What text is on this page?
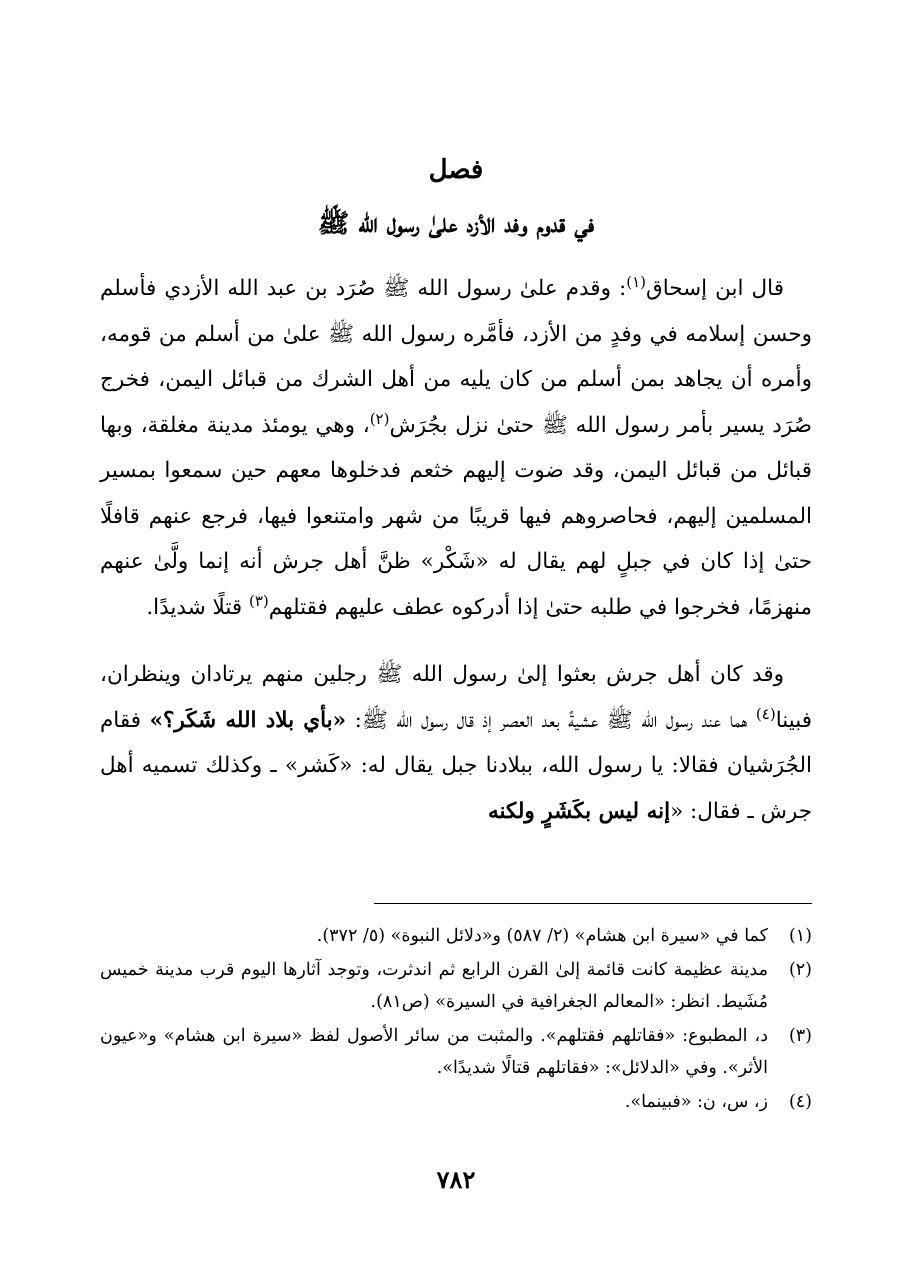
فصل
في قدوم وفد الأزد علىٰ رسول الله ﷺ

قال ابن إسحاق$^{(١)}$: وقدم علىٰ رسول الله ﷺ صُرَد بن عبد الله الأزدي فأسلم وحسن إسلامه في وفدٍ من الأزد، فأمَّره رسول الله ﷺ علىٰ من أسلم من قومه، وأمره أن يجاهد بمن أسلم من كان يليه من أهل الشرك من قبائل اليمن، فخرج صُرَد يسير بأمر رسول الله ﷺ حتىٰ نزل بجُرَش$^{(٢)}$، وهي يومئذ مدينة مغلقة، وبها قبائل من قبائل اليمن، وقد ضوت إليهم خثعم فدخلوها معهم حين سمعوا بمسير المسلمين إليهم، فحاصروهم فيها قريبًا من شهر وامتنعوا فيها، فرجع عنهم قافلًا حتىٰ إذا كان في جبلٍ لهم يقال له «شَكْر» ظنَّ أهل جرش أنه إنما ولَّىٰ عنهم منهزمًا، فخرجوا في طلبه حتىٰ إذا أدركوه عطف عليهم فقتلهم$^{(٣)}$ قتلًا شديدًا.

وقد كان أهل جرش بعثوا إلىٰ رسول الله ﷺ رجلين منهم يرتادان وينظران، فبينا$^{(٤)}$ هما عند رسول الله ﷺ عشيةً بعد العصر إذ قال رسول الله ﷺ: «بأي بلاد الله شَكَر؟» فقام الجُرَشيان فقالا: يا رسول الله، ببلادنا جبل يقال له: «كَشر» ـ وكذلك تسميه أهل جرش ـ فقال: «إنه ليس بكَشَرٍ ولكنه

(١)
كما في «سيرة ابن هشام» (٢/ ٥٨٧) و«دلائل النبوة» (٥/ ٣٧٢).
(٢)
مدينة عظيمة كانت قائمة إلىٰ القرن الرابع ثم اندثرت، وتوجد آثارها اليوم قرب مدينة خميس مُشَيط. انظر: «المعالم الجغرافية في السيرة» (ص٨١).
(٣)
د، المطبوع: «فقاتلهم فقتلهم». والمثبت من سائر الأصول لفظ «سيرة ابن هشام» و«عيون الأثر». وفي «الدلائل»: «فقاتلهم قتالًا شديدًا».
(٤)
ز، س، ن: «فبينما».
٧٨٢
